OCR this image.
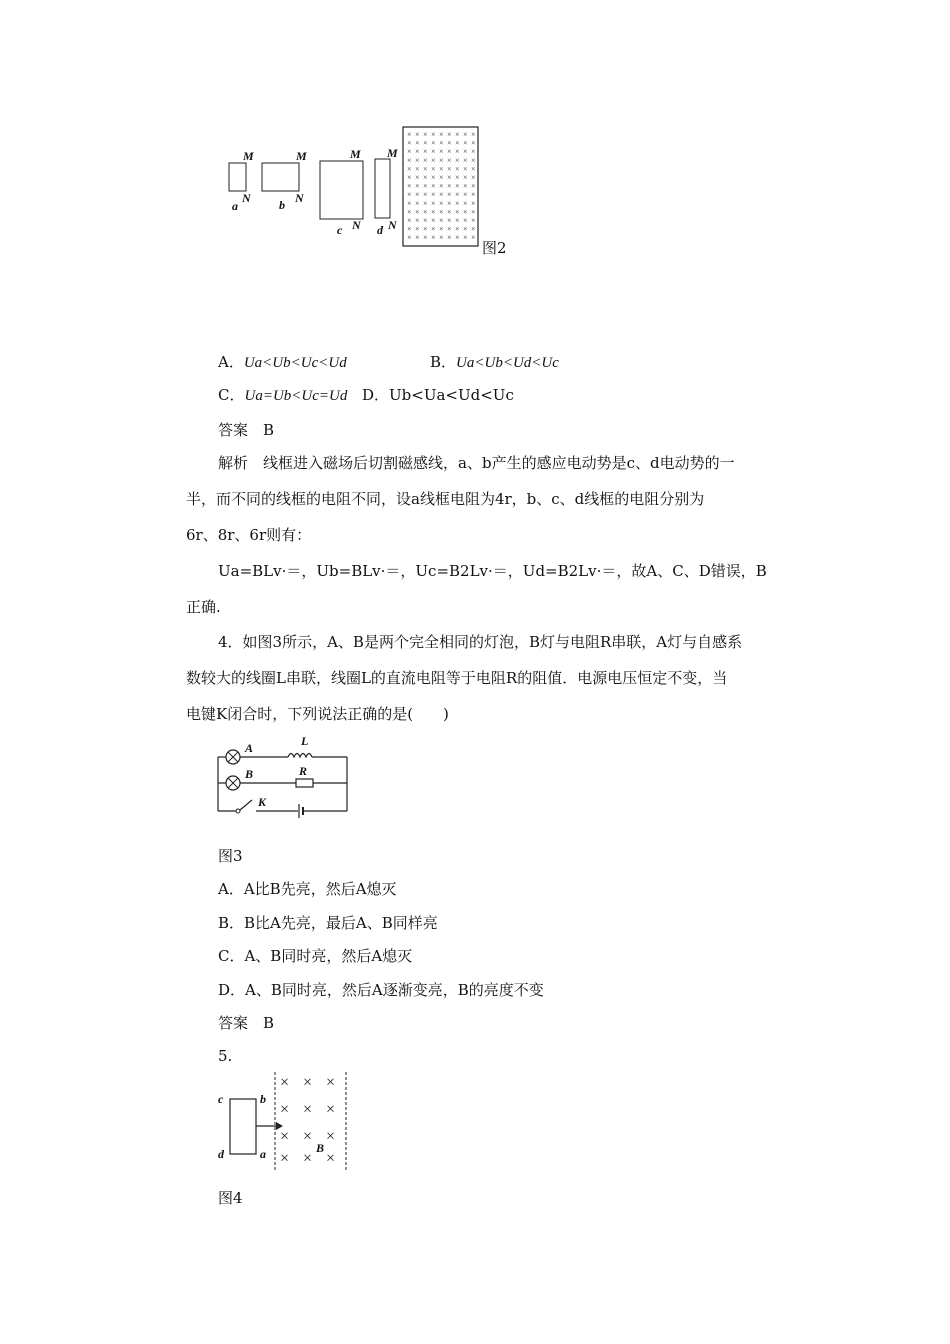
M
N
a
M
N
b
M
N
c
M
N
d
× × × × × × × × ×
× × × × × × × × ×
× × × × × × × × ×
× × × × × × × × ×
× × × × × × × × ×
× × × × × × × × ×
× × × × × × × × ×
× × × × × × × × ×
× × × × × × × × ×
× × × × × × × × ×
× × × × × × × × ×
× × × × × × × × ×
× × × × × × × × ×
图2
A．Ua<Ub<Uc<Ud	B．Ua<Ub<Ud<Uc
C．Ua=Ub<Uc=Ud D．Ub<Ua<Ud<Uc
答案　 B
解析　 线框进入磁场后切割磁感线，a、b产生的感应电动势是c、d电动势的一
半，而不同的线框的电阻不同，设a线框电阻为4r，b、c、d线框的电阻分别为
6r、8r、6r则有：
Ua=BLv·＝，Ub=BLv·＝，Uc=B2Lv·＝，Ud=B2Lv·＝，故A、C、D错误，B
正确.
4．如图3所示，A、B是两个完全相同的灯泡，B灯与电阻R串联，A灯与自感系
数较大的线圈L串联，线圈L的直流电阻等于电阻R的阻值．电源电压恒定不变，当
电键K闭合时，下列说法正确的是(　　)
A	L
B	R
K
图3
A．A比B先亮，然后A熄灭
B．B比A先亮，最后A、B同样亮
C．A、B同时亮，然后A熄灭
D．A、B同时亮，然后A逐渐变亮，B的亮度不变
答案　 B
5.
c	b
d	a
× × ×
× × ×
× × ×
× × ×
B
图4
